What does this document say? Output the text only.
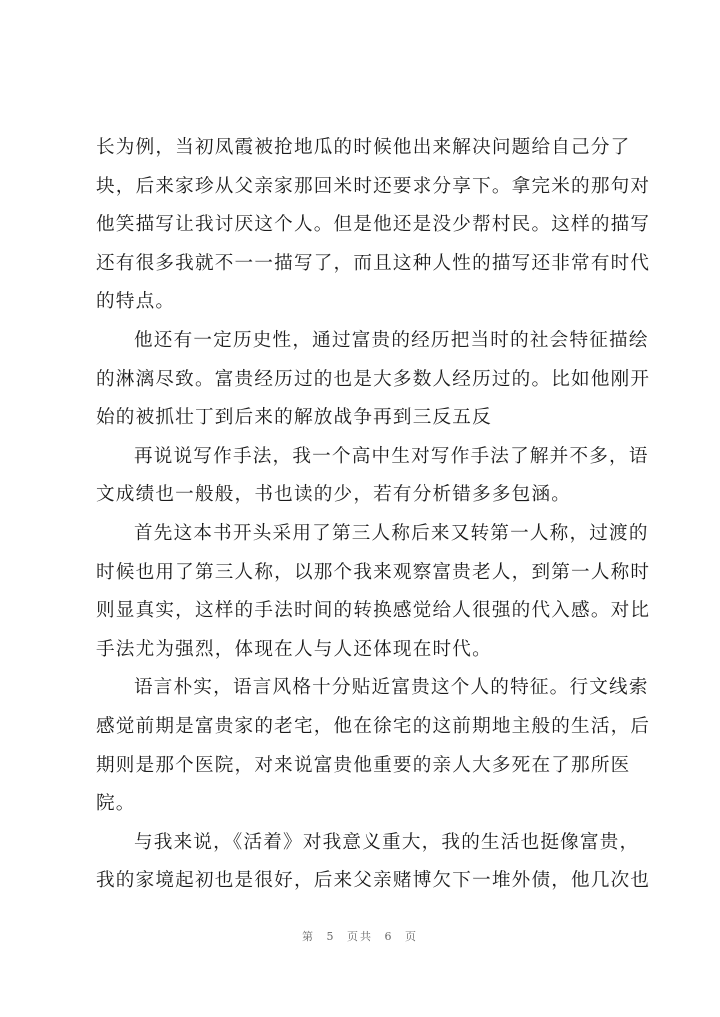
长为例，当初凤霞被抢地瓜的时候他出来解决问题给自己分了
块，后来家珍从父亲家那回米时还要求分享下。拿完米的那句对
他笑描写让我讨厌这个人。但是他还是没少帮村民。这样的描写
还有很多我就不一一描写了，而且这种人性的描写还非常有时代
的特点。
他还有一定历史性，通过富贵的经历把当时的社会特征描绘
的淋漓尽致。富贵经历过的也是大多数人经历过的。比如他刚开
始的被抓壮丁到后来的解放战争再到三反五反
再说说写作手法，我一个高中生对写作手法了解并不多，语
文成绩也一般般，书也读的少，若有分析错多多包涵。
首先这本书开头采用了第三人称后来又转第一人称，过渡的
时候也用了第三人称，以那个我来观察富贵老人，到第一人称时
则显真实，这样的手法时间的转换感觉给人很强的代入感。对比
手法尤为强烈，体现在人与人还体现在时代。
语言朴实，语言风格十分贴近富贵这个人的特征。行文线索
感觉前期是富贵家的老宅，他在徐宅的这前期地主般的生活，后
期则是那个医院，对来说富贵他重要的亲人大多死在了那所医
院。
与我来说，《活着》对我意义重大，我的生活也挺像富贵，
我的家境起初也是很好，后来父亲赌博欠下一堆外债，他几次也
第 5 页共 6 页
